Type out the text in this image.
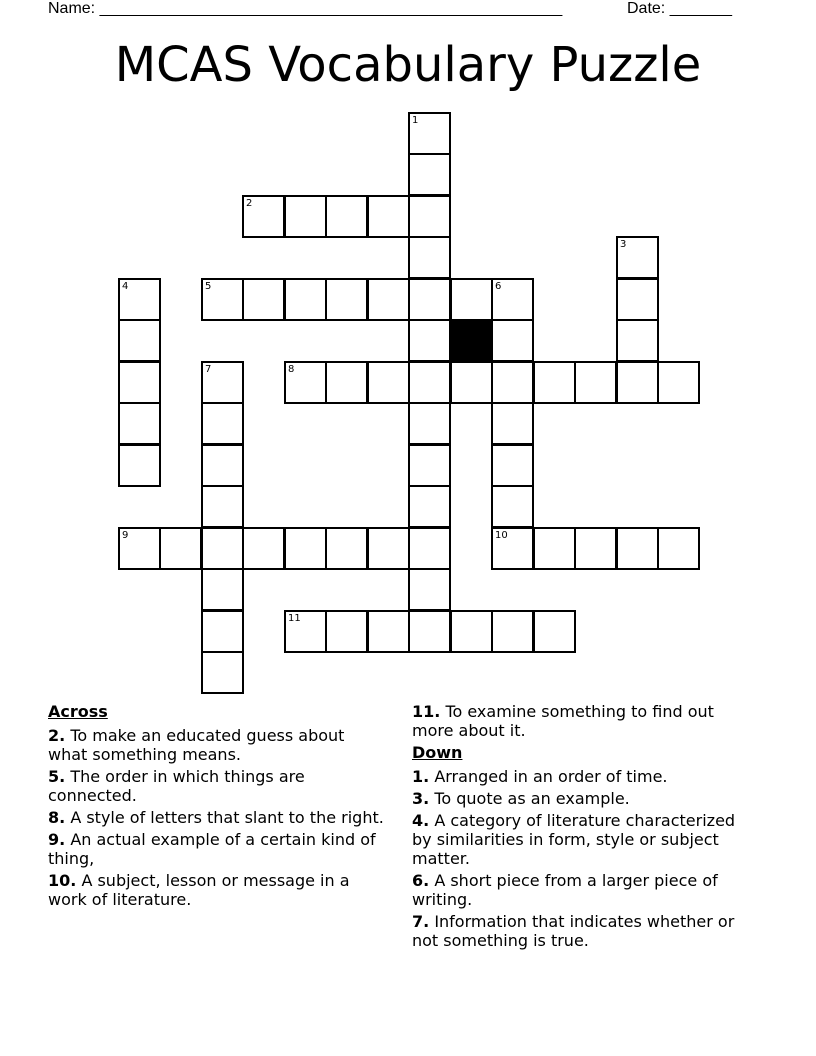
Name: ____________________________________________________	Date: _______
MCAS Vocabulary Puzzle
1
2
3
4	5	6
7	8
9	10
11
Across
2. To make an educated guess about what something means.
5. The order in which things are connected.
8. A style of letters that slant to the right.
9. An actual example of a certain kind of thing,
10. A subject, lesson or message in a work of literature.
11. To examine something to find out more about it.
Down
1. Arranged in an order of time.
3. To quote as an example.
4. A category of literature characterized by similarities in form, style or subject matter.
6. A short piece from a larger piece of writing.
7. Information that indicates whether or not something is true.
